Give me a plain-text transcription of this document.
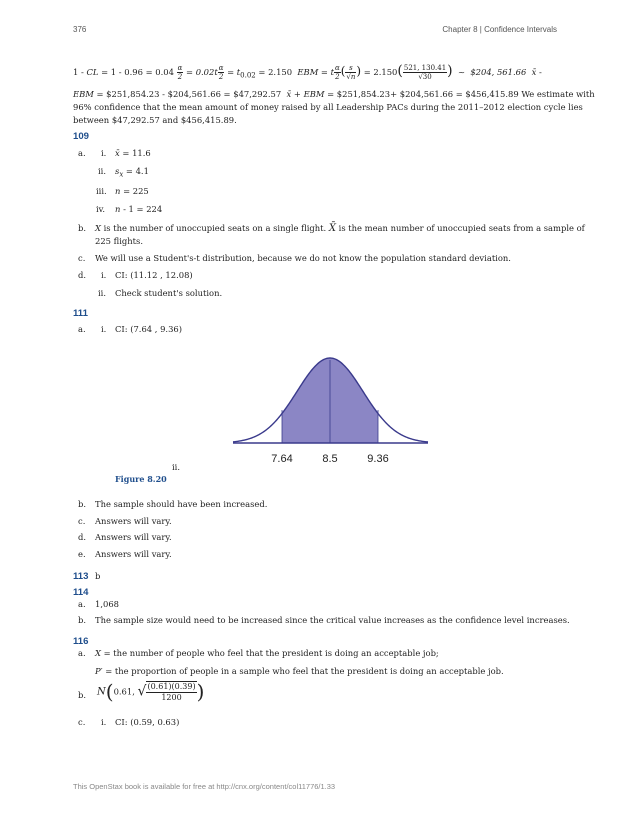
376	Chapter 8 | Confidence Intervals
1 - CL = $1 - 0.96 = 0.04 \frac{\alpha}{2} = 0.02t \frac{\alpha}{2} = t_{0.02} = 2.150$ EBM = t $\frac{\alpha}{2}$ ( $\frac{s}{√n}$ ) = $2.150( \frac{521, 130.41}{√30}$ ) ~ $204, 561.66 x̄ -
EBM = $251,854.23 - $204,561.66 = $47,292.57 x̄ + EBM = $251,854.23+ $204,561.66 = $456,415.89 We estimate with
96% confidence that the mean amount of money raised by all Leadership PACs during the 2011–2012 election cycle lies
between $47,292.57 and $456,415.89.
109
a. i. x̄ = 11.6
ii. $s_x = 4.1$
iii. n = 225
iv. n - 1 = 224
b. X is the number of unoccupied seats on a single flight. X̄ is the mean number of unoccupied seats from a sample of
225 flights.
c. We will use a Student's-t distribution, because we do not know the population standard deviation.
d. i. CI: (11.12 , 12.08)
ii. Check student's solution.
111
a. i. CI: (7.64 , 9.36)
7.64	8.5	9.36
ii.
Figure 8.20
b. The sample should have been increased.
c. Answers will vary.
d. Answers will vary.
e. Answers will vary.
113 b
114
a. 1,068
b. The sample size would need to be increased since the critical value increases as the confidence level increases.
116
a. X = the number of people who feel that the president is doing an acceptable job;
P′ = the proportion of people in a sample who feel that the president is doing an acceptable job.
b. N(0.61, √ $\frac{(0.61)(0.39)}{1200}$ )
c. i. CI: (0.59, 0.63)
This OpenStax book is available for free at http://cnx.org/content/col11776/1.33
